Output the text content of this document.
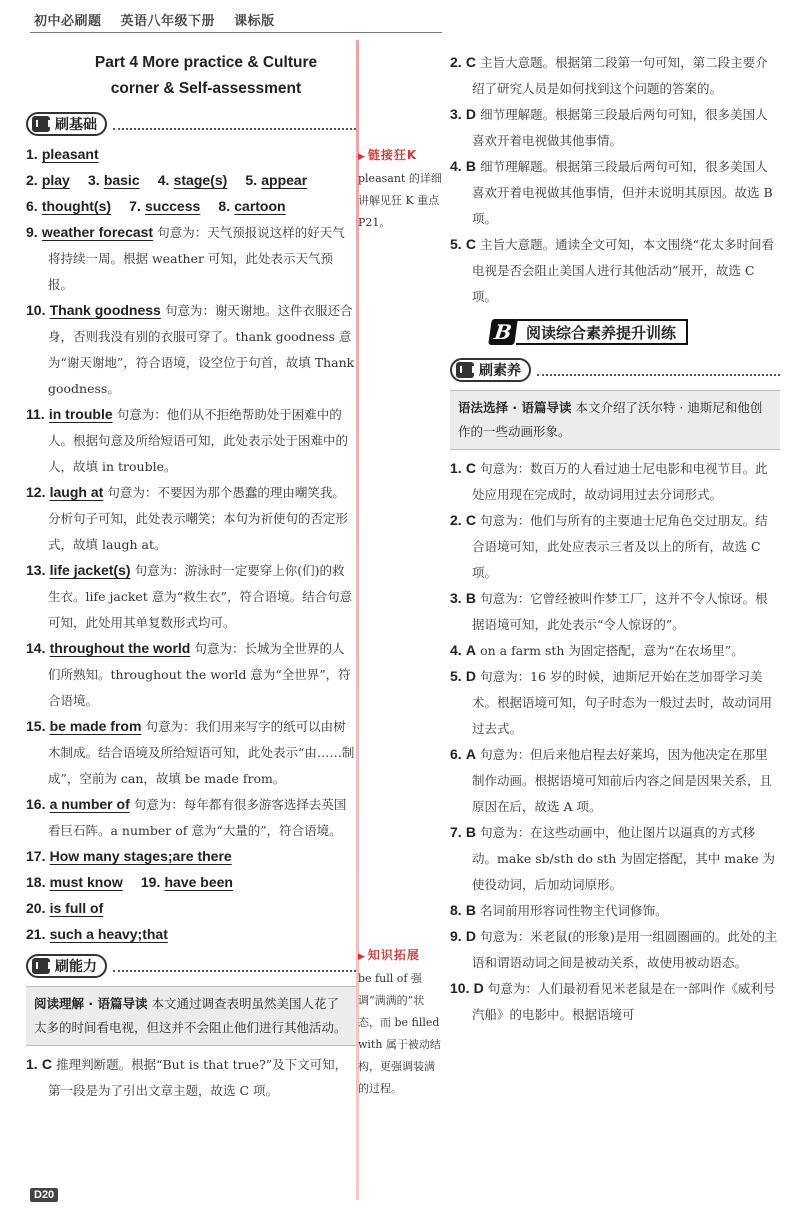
初中必刷题 英语八年级下册 课标版
Part 4 More practice & Culture
corner & Self-assessment
刷基础
1. pleasant
2. play 3. basic 4. stage(s) 5. appear
6. thought(s) 7. success 8. cartoon
9. weather forecast 句意为：天气预报说这样的好天气将持续一周。根据 weather 可知，此处表示天气预报。
10. Thank goodness 句意为：谢天谢地。这件衣服还合身，否则我没有别的衣服可穿了。thank goodness 意为“谢天谢地”，符合语境，设空位于句首，故填 Thank goodness。
11. in trouble 句意为：他们从不拒绝帮助处于困难中的人。根据句意及所给短语可知，此处表示处于困难中的人，故填 in trouble。
12. laugh at 句意为：不要因为那个愚蠢的理由嘲笑我。分析句子可知，此处表示嘲笑；本句为祈使句的否定形式，故填 laugh at。
13. life jacket(s) 句意为：游泳时一定要穿上你(们)的救生衣。life jacket 意为“救生衣”，符合语境。结合句意可知，此处用其单复数形式均可。
14. throughout the world 句意为：长城为全世界的人们所熟知。throughout the world 意为“全世界”，符合语境。
15. be made from 句意为：我们用来写字的纸可以由树木制成。结合语境及所给短语可知，此处表示“由……制成”，空前为 can，故填 be made from。
16. a number of 句意为：每年都有很多游客选择去英国看巨石阵。a number of 意为“大量的”，符合语境。
17. How many stages;are there
18. must know 19. have been
20. is full of
21. such a heavy;that
刷能力
阅读理解 · 语篇导读 本文通过调查表明虽然美国人花了太多的时间看电视，但这并不会阻止他们进行其他活动。
1. C 推理判断题。根据“But is that true?”及下文可知，第一段是为了引出文章主题，故选 C 项。
▶ 链接狂K
pleasant 的详细讲解见狂 K 重点 P21。
▶ 知识拓展
be full of 强调“满满的”状态，而 be filled with 属于被动结构，更强调装满的过程。
2. C 主旨大意题。根据第二段第一句可知，第二段主要介绍了研究人员是如何找到这个问题的答案的。
3. D 细节理解题。根据第三段最后两句可知，很多美国人喜欢开着电视做其他事情。
4. B 细节理解题。根据第三段最后两句可知，很多美国人喜欢开着电视做其他事情，但并未说明其原因。故选 B 项。
5. C 主旨大意题。通读全文可知，本文围绕“花太多时间看电视是否会阻止美国人进行其他活动”展开，故选 C 项。
B 阅读综合素养提升训练
刷素养
语法选择 · 语篇导读 本文介绍了沃尔特 · 迪斯尼和他创作的一些动画形象。
1. C 句意为：数百万的人看过迪士尼电影和电视节目。此处应用现在完成时，故动词用过去分词形式。
2. C 句意为：他们与所有的主要迪士尼角色交过朋友。结合语境可知，此处应表示三者及以上的所有，故选 C 项。
3. B 句意为：它曾经被叫作梦工厂，这并不令人惊讶。根据语境可知，此处表示“令人惊讶的”。
4. A on a farm sth 为固定搭配，意为“在农场里”。
5. D 句意为：16 岁的时候，迪斯尼开始在芝加哥学习美术。根据语境可知，句子时态为一般过去时，故动词用过去式。
6. A 句意为：但后来他启程去好莱坞，因为他决定在那里制作动画。根据语境可知前后内容之间是因果关系，且原因在后，故选 A 项。
7. B 句意为：在这些动画中，他让图片以逼真的方式移动。make sb/sth do sth 为固定搭配，其中 make 为使役动词，后加动词原形。
8. B 名词前用形容词性物主代词修饰。
9. D 句意为：米老鼠(的形象)是用一组圆圈画的。此处的主语和谓语动词之间是被动关系，故使用被动语态。
10. D 句意为：人们最初看见米老鼠是在一部叫作《威利号汽船》的电影中。根据语境可
D20
